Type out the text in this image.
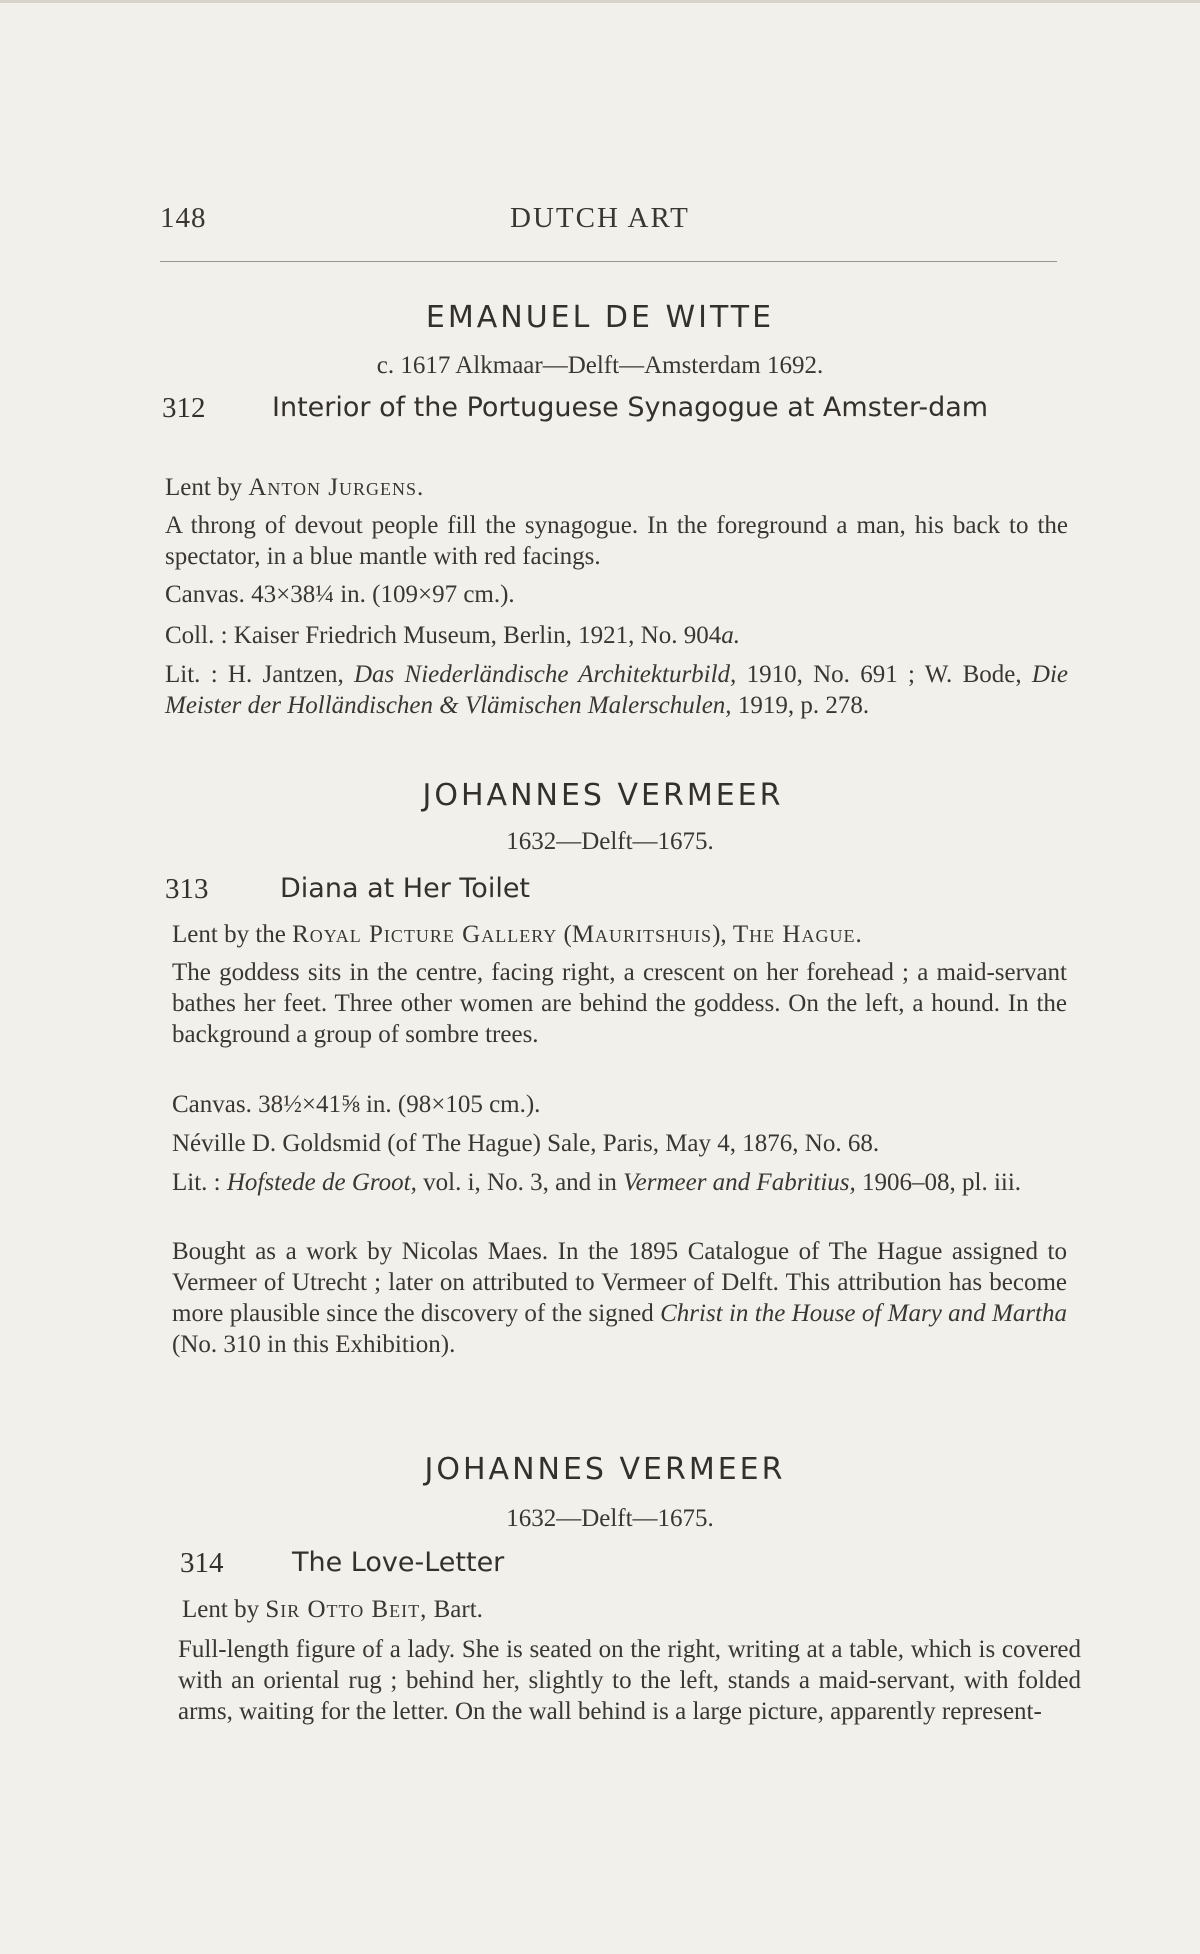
148	DUTCH ART
EMANUEL DE WITTE
c. 1617 Alkmaar—Delft—Amsterdam 1692.
312 Interior of the Portuguese Synagogue at Amster-dam

Lent by Anton Jurgens.

A throng of devout people fill the synagogue. In the foreground a man, his back to the spectator, in a blue mantle with red facings.

Canvas. 43×38¼ in. (109×97 cm.).

Coll. : Kaiser Friedrich Museum, Berlin, 1921, No. 904a.

Lit. : H. Jantzen, Das Niederländische Architekturbild, 1910, No. 691 ; W. Bode, Die Meister der Holländischen & Vlämischen Malerschulen, 1919, p. 278.

JOHANNES VERMEER
1632—Delft—1675.
313	Diana at Her Toilet

Lent by the Royal Picture Gallery (Mauritshuis), The Hague.

The goddess sits in the centre, facing right, a crescent on her forehead ; a maid-servant bathes her feet. Three other women are behind the goddess. On the left, a hound. In the background a group of sombre trees.

Canvas. 38½×41⅝ in. (98×105 cm.).

Néville D. Goldsmid (of The Hague) Sale, Paris, May 4, 1876, No. 68.

Lit. : Hofstede de Groot, vol. i, No. 3, and in Vermeer and Fabritius, 1906–08, pl. iii.

Bought as a work by Nicolas Maes. In the 1895 Catalogue of The Hague assigned to Vermeer of Utrecht ; later on attributed to Vermeer of Delft. This attribution has become more plausible since the discovery of the signed Christ in the House of Mary and Martha (No. 310 in this Exhibition).

JOHANNES VERMEER
1632—Delft—1675.
314	The Love-Letter

Lent by Sir Otto Beit, Bart.

Full-length figure of a lady. She is seated on the right, writing at a table, which is covered with an oriental rug ; behind her, slightly to the left, stands a maid-servant, with folded arms, waiting for the letter. On the wall behind is a large picture, apparently represent-
